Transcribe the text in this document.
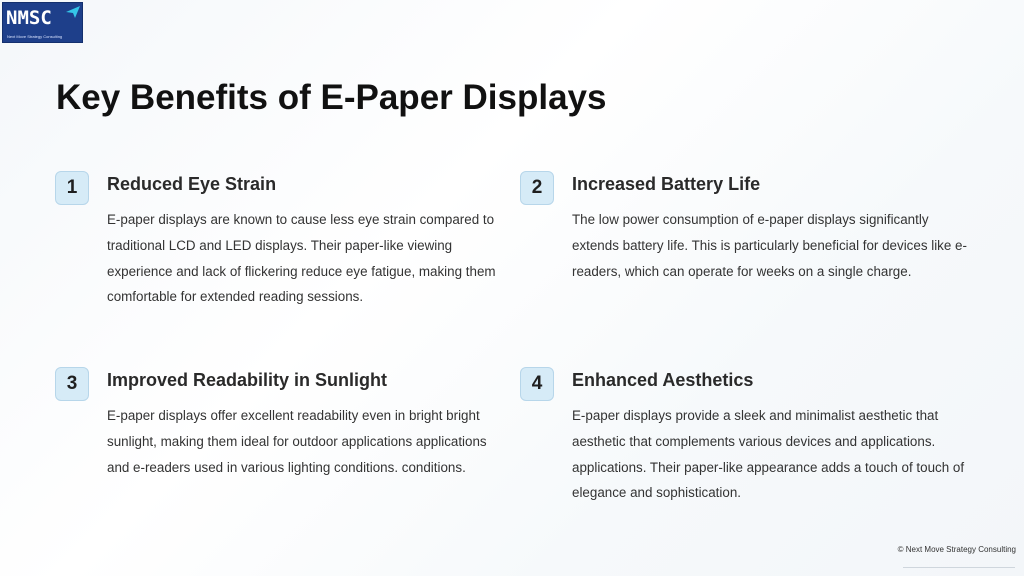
NMSC
Next Move Strategy Consulting
Key Benefits of E-Paper Displays
1	Reduced Eye Strain

E-paper displays are known to cause less eye strain compared to traditional LCD and LED displays. Their paper-like viewing experience and lack of flickering reduce eye fatigue, making them comfortable for extended reading sessions.

2	Increased Battery Life

The low power consumption of e-paper displays significantly extends battery life. This is particularly beneficial for devices like e-readers, which can operate for weeks on a single charge.

3	Improved Readability in Sunlight

E-paper displays offer excellent readability even in bright bright sunlight, making them ideal for outdoor applications applications and e-readers used in various lighting conditions. conditions.

4	Enhanced Aesthetics

E-paper displays provide a sleek and minimalist aesthetic that aesthetic that complements various devices and applications. applications. Their paper-like appearance adds a touch of touch of elegance and sophistication.

© Next Move Strategy Consulting
